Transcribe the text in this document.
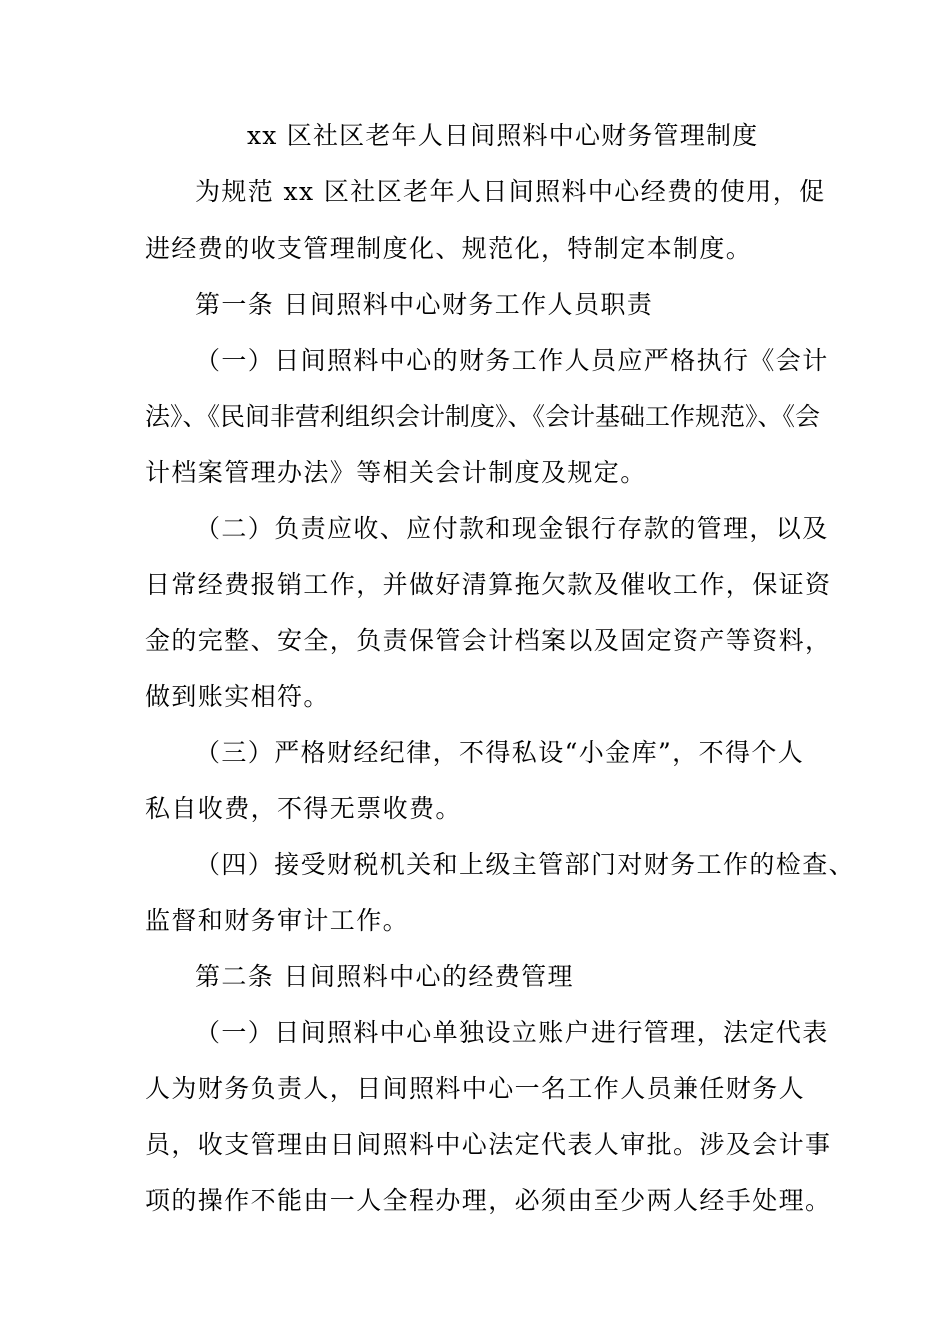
xx 区社区老年人日间照料中心财务管理制度
为规范 xx 区社区老年人日间照料中心经费的使用，促
进经费的收支管理制度化、规范化，特制定本制度。
第一条 日间照料中心财务工作人员职责
（一）日间照料中心的财务工作人员应严格执行《会计
法》、《民间非营利组织会计制度》、《会计基础工作规范》、《会
计档案管理办法》等相关会计制度及规定。
（二）负责应收、应付款和现金银行存款的管理，以及
日常经费报销工作，并做好清算拖欠款及催收工作，保证资
金的完整、安全，负责保管会计档案以及固定资产等资料，
做到账实相符。
（三）严格财经纪律，不得私设“小金库”，不得个人
私自收费，不得无票收费。
（四）接受财税机关和上级主管部门对财务工作的检查、
监督和财务审计工作。
第二条 日间照料中心的经费管理
（一）日间照料中心单独设立账户进行管理，法定代表
人为财务负责人，日间照料中心一名工作人员兼任财务人
员，收支管理由日间照料中心法定代表人审批。涉及会计事
项的操作不能由一人全程办理，必须由至少两人经手处理。
